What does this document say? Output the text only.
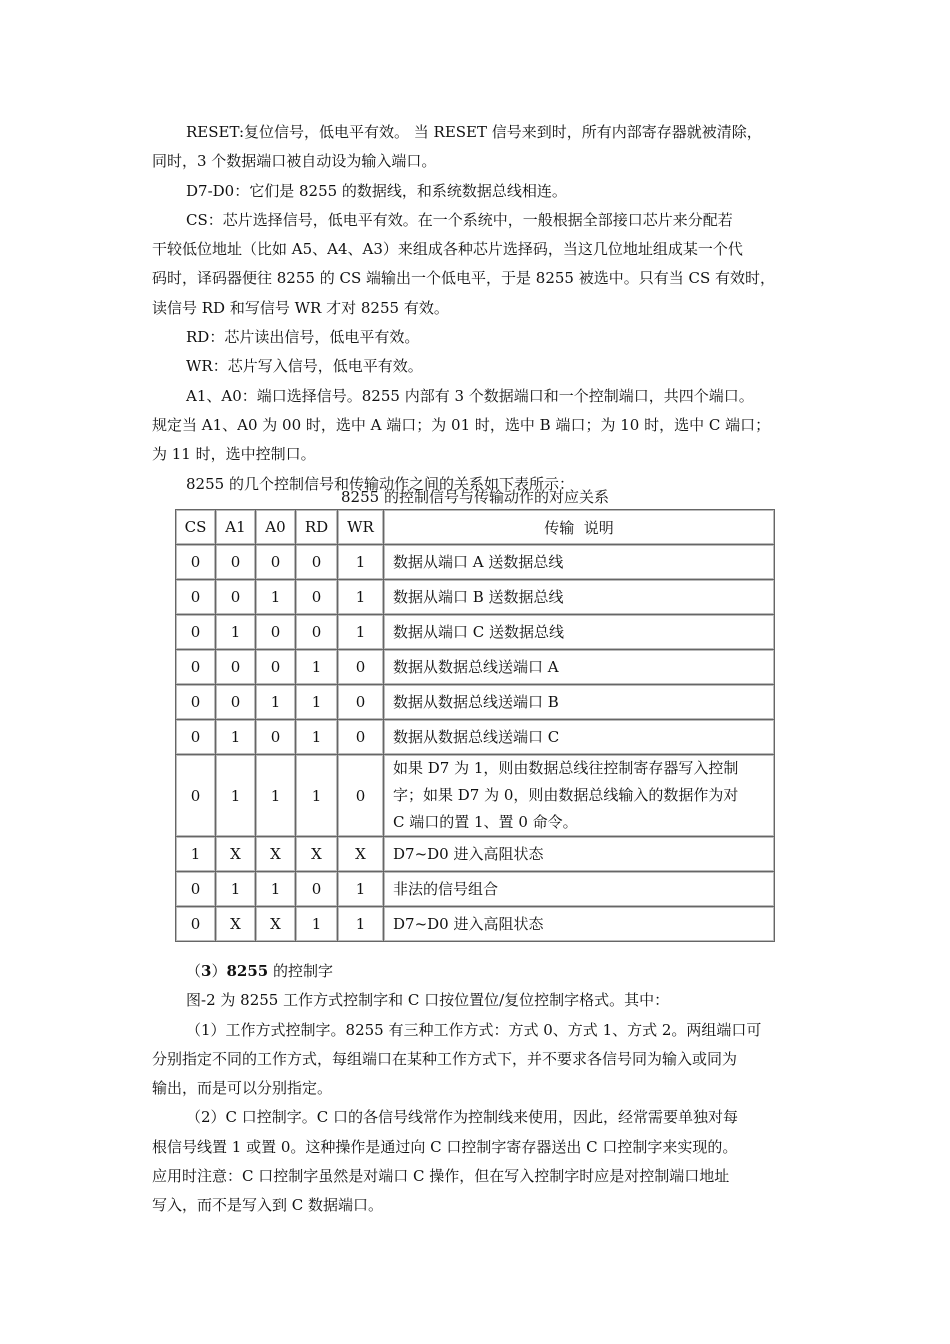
RESET:复位信号，低电平有效。 当 RESET 信号来到时，所有内部寄存器就被清除，

同时，3 个数据端口被自动设为输入端口。

D7-D0：它们是 8255 的数据线，和系统数据总线相连。

CS：芯片选择信号，低电平有效。在一个系统中，一般根据全部接口芯片来分配若

干较低位地址（比如 A5、A4、A3）来组成各种芯片选择码，当这几位地址组成某一个代

码时，译码器便往 8255 的 CS 端输出一个低电平，于是 8255 被选中。只有当 CS 有效时，

读信号 RD 和写信号 WR 才对 8255 有效。

RD：芯片读出信号，低电平有效。

WR：芯片写入信号，低电平有效。

A1、A0：端口选择信号。8255 内部有 3 个数据端口和一个控制端口，共四个端口。

规定当 A1、A0 为 00 时，选中 A 端口；为 01 时，选中 B 端口；为 10 时，选中 C 端口；

为 11 时，选中控制口。

8255 的几个控制信号和传输动作之间的关系如下表所示：

8255 的控制信号与传输动作的对应关系
CS	A1	A0	RD	WR	传输  说明
0	0	0	0	1	数据从端口 A 送数据总线

0	0	1	0	1	数据从端口 B 送数据总线

0	1	0	0	1	数据从端口 C 送数据总线

0	0	0	1	0	数据从数据总线送端口 A

0	0	1	1	0	数据从数据总线送端口 B

0	1	0	1	0	数据从数据总线送端口 C

0	1	1	1	0	如果 D7 为 1，则由数据总线往控制寄存器写入控制
字；如果 D7 为 0，则由数据总线输入的数据作为对
C 端口的置 1、置 0 命令。

1	X	X	X	X	D7~D0 进入高阻状态

0	1	1	0	1	非法的信号组合

0	X	X	1	1	D7~D0 进入高阻状态

（3）8255 的控制字

图-2 为 8255 工作方式控制字和 C 口按位置位/复位控制字格式。其中：

（1）工作方式控制字。8255 有三种工作方式：方式 0、方式 1、方式 2。两组端口可

分别指定不同的工作方式，每组端口在某种工作方式下，并不要求各信号同为输入或同为

输出，而是可以分别指定。

（2）C 口控制字。C 口的各信号线常作为控制线来使用，因此，经常需要单独对每

根信号线置 1 或置 0。这种操作是通过向 C 口控制字寄存器送出 C 口控制字来实现的。

应用时注意：C 口控制字虽然是对端口 C 操作，但在写入控制字时应是对控制端口地址

写入，而不是写入到 C 数据端口。
